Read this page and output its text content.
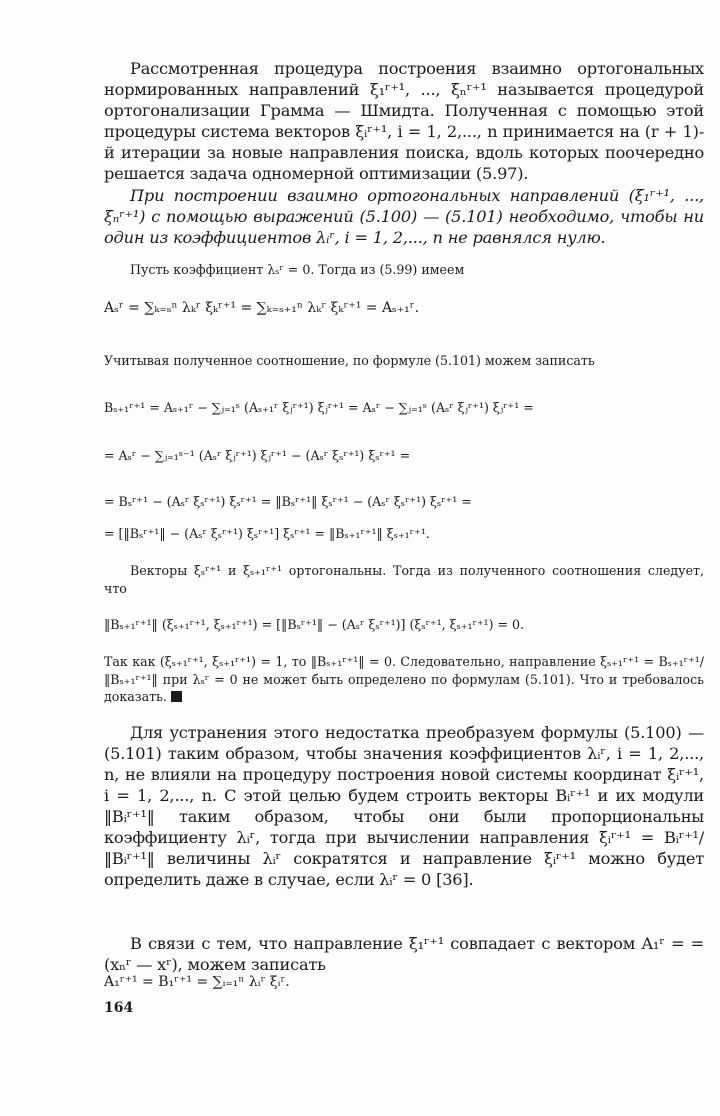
Рассмотренная процедура построения взаимно ортогональных нормированных направлений ξ₁ʳ⁺¹, ..., ξₙʳ⁺¹ называется процедурой ортогонализации Грамма — Шмидта. Полученная с помощью этой процедуры система векторов ξᵢʳ⁺¹, i = 1, 2,..., n принимается на (r + 1)-й итерации за новые направления поиска, вдоль которых поочередно решается задача одномерной оптимизации (5.97).

При построении взаимно ортогональных направлений (ξ₁ʳ⁺¹, ..., ξₙʳ⁺¹) с помощью выражений (5.100) — (5.101) необходимо, чтобы ни один из коэффициентов λᵢʳ, i = 1, 2,..., n не равнялся нулю.

Пусть коэффициент λₛʳ = 0. Тогда из (5.99) имеем

Aₛʳ = ∑ₖ₌ₛⁿ λₖʳ ξₖʳ⁺¹ = ∑ₖ₌ₛ₊₁ⁿ λₖʳ ξₖʳ⁺¹ = Aₛ₊₁ʳ.

Учитывая полученное соотношение, по формуле (5.101) можем записать

Bₛ₊₁ʳ⁺¹ = Aₛ₊₁ʳ − ∑ⱼ₌₁ˢ (Aₛ₊₁ʳ ξⱼʳ⁺¹) ξⱼʳ⁺¹ = Aₛʳ − ∑ⱼ₌₁ˢ (Aₛʳ ξⱼʳ⁺¹) ξⱼʳ⁺¹ =
= Aₛʳ − ∑ⱼ₌₁ˢ⁻¹ (Aₛʳ ξⱼʳ⁺¹) ξⱼʳ⁺¹ − (Aₛʳ ξₛʳ⁺¹) ξₛʳ⁺¹ =
= Bₛʳ⁺¹ − (Aₛʳ ξₛʳ⁺¹) ξₛʳ⁺¹ = ‖Bₛʳ⁺¹‖ ξₛʳ⁺¹ − (Aₛʳ ξₛʳ⁺¹) ξₛʳ⁺¹ =
= [‖Bₛʳ⁺¹‖ − (Aₛʳ ξₛʳ⁺¹) ξₛʳ⁺¹] ξₛʳ⁺¹ = ‖Bₛ₊₁ʳ⁺¹‖ ξₛ₊₁ʳ⁺¹.

Векторы ξₛʳ⁺¹ и ξₛ₊₁ʳ⁺¹ ортогональны. Тогда из полученного соотношения следует, что

‖Bₛ₊₁ʳ⁺¹‖ (ξₛ₊₁ʳ⁺¹, ξₛ₊₁ʳ⁺¹) = [‖Bₛʳ⁺¹‖ − (Aₛʳ ξₛʳ⁺¹)] (ξₛʳ⁺¹, ξₛ₊₁ʳ⁺¹) = 0.

Так как (ξₛ₊₁ʳ⁺¹, ξₛ₊₁ʳ⁺¹) = 1, то ‖Bₛ₊₁ʳ⁺¹‖ = 0. Следовательно, направление ξₛ₊₁ʳ⁺¹ = Bₛ₊₁ʳ⁺¹/‖Bₛ₊₁ʳ⁺¹‖ при λₛʳ = 0 не может быть определено по формулам (5.101). Что и требовалось доказать.

Для устранения этого недостатка преобразуем формулы (5.100) — (5.101) таким образом, чтобы значения коэффициентов λᵢʳ, i = 1, 2,..., n, не влияли на процедуру построения новой системы координат ξᵢʳ⁺¹, i = 1, 2,..., n. С этой целью будем строить векторы Bᵢʳ⁺¹ и их модули ‖Bᵢʳ⁺¹‖ таким образом, чтобы они были пропорциональны коэффициенту λᵢʳ, тогда при вычислении направления ξᵢʳ⁺¹ = Bᵢʳ⁺¹/‖Bᵢʳ⁺¹‖ величины λᵢʳ сократятся и направление ξᵢʳ⁺¹ можно будет определить даже в случае, если λᵢʳ = 0 [36].

В связи с тем, что направление ξ₁ʳ⁺¹ совпадает с вектором A₁ʳ = = (xₙʳ — xʳ), можем записать

A₁ʳ⁺¹ = B₁ʳ⁺¹ = ∑ᵢ₌₁ⁿ λᵢʳ ξᵢʳ.
164
